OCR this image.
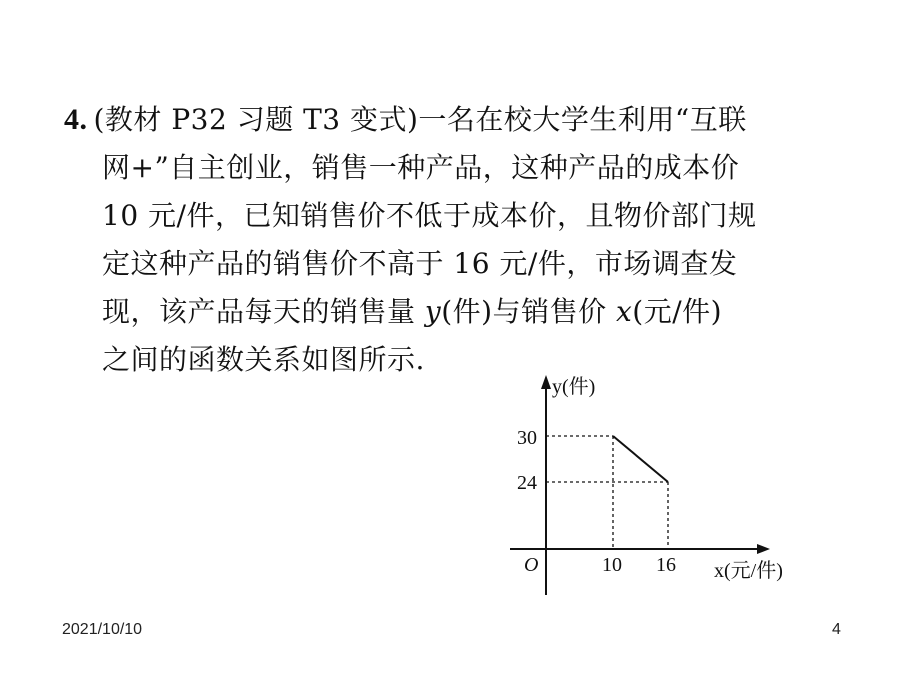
4. (教材 P32 习题 T3 变式)一名在校大学生利用“互联
网+”自主创业，销售一种产品，这种产品的成本价
10 元/件，已知销售价不低于成本价，且物价部门规
定这种产品的销售价不高于 16 元/件，市场调查发
现，该产品每天的销售量 y(件)与销售价 x(元/件)
之间的函数关系如图所示.
y(件)
30
24
O	10 16 x(元/件)
2021/10/10	4
